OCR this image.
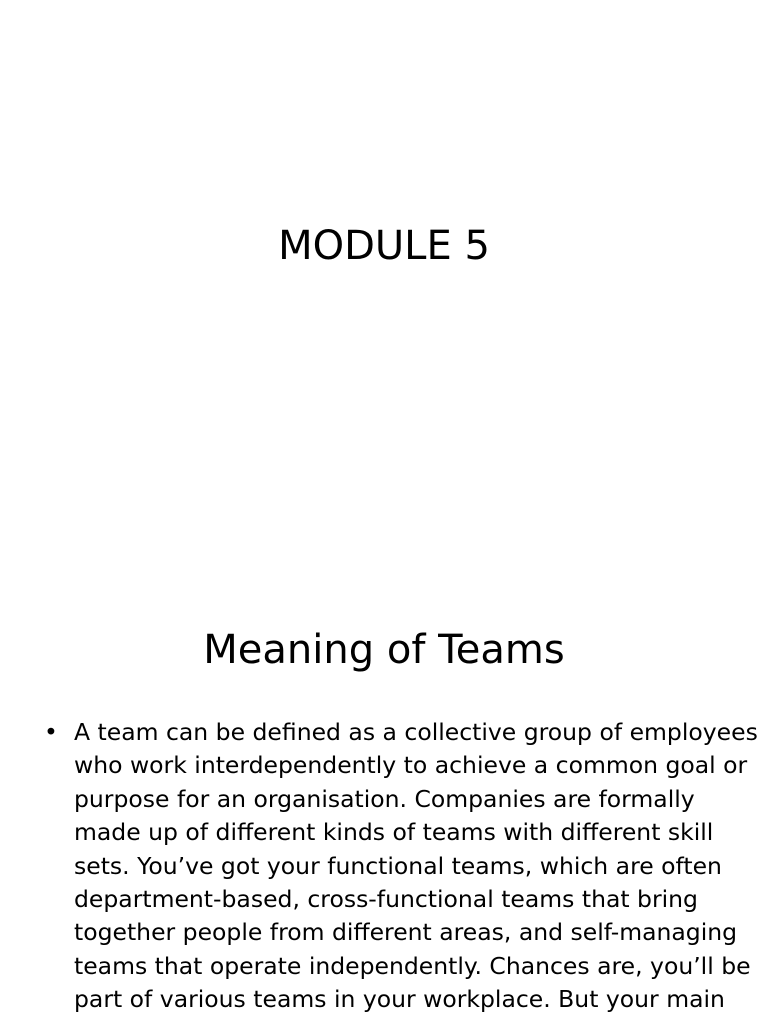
MODULE 5
Meaning of Teams
• A team can be defined as a collective group of employees
who work interdependently to achieve a common goal or
purpose for an organisation. Companies are formally
made up of different kinds of teams with different skill
sets. You’ve got your functional teams, which are often
department-based, cross-functional teams that bring
together people from different areas, and self-managing
teams that operate independently. Chances are, you’ll be
part of various teams in your workplace. But your main
